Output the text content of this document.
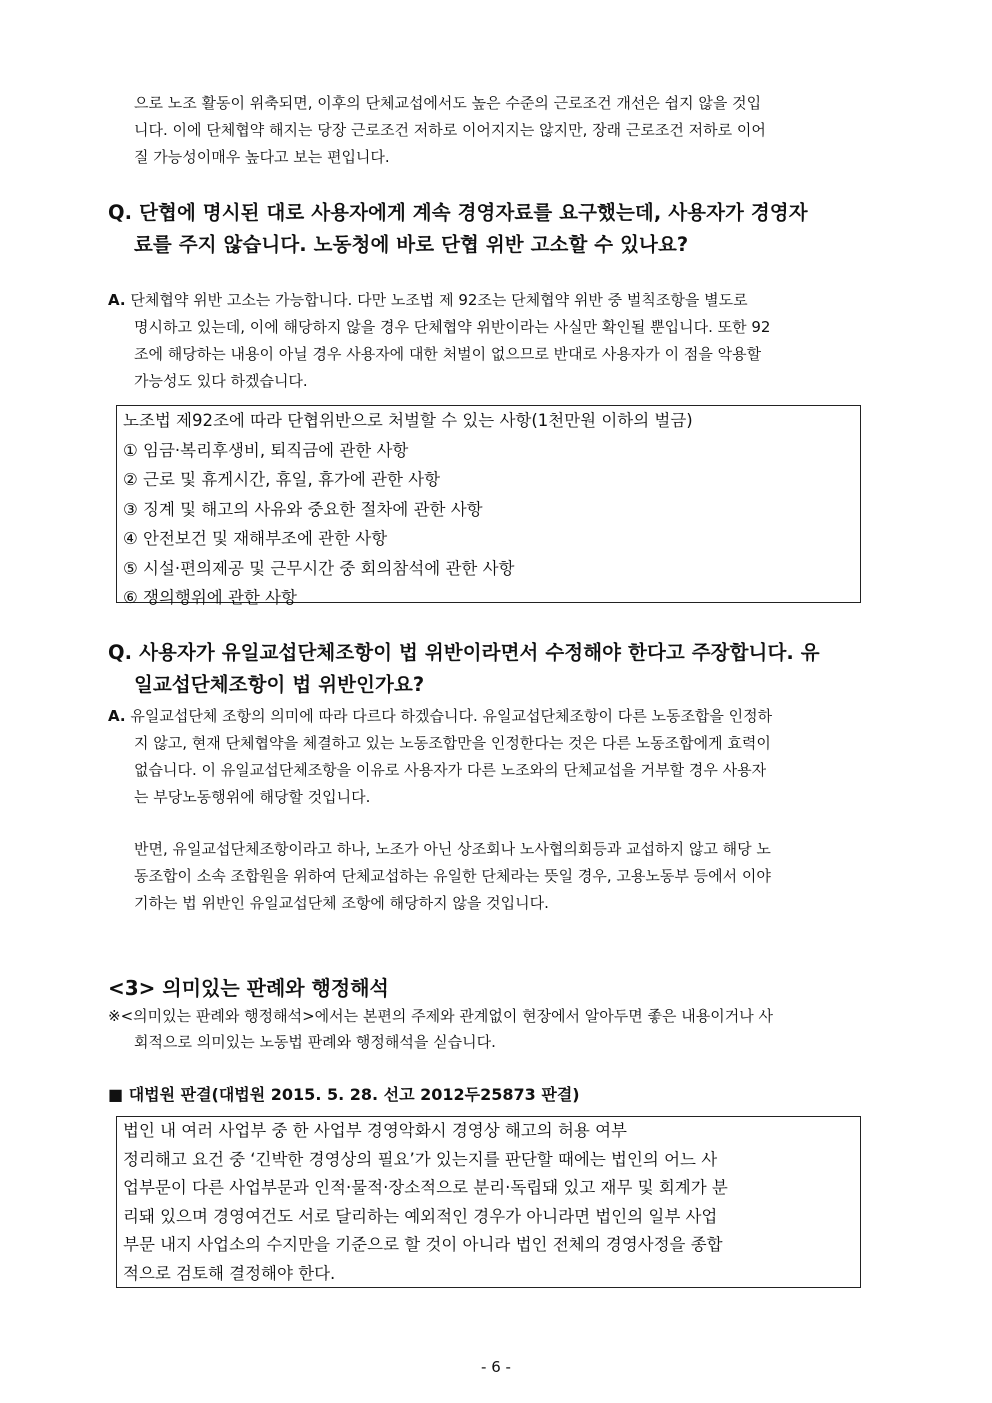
으로 노조 활동이 위축되면, 이후의 단체교섭에서도 높은 수준의 근로조건 개선은 쉽지 않을 것입
니다. 이에 단체협약 해지는 당장 근로조건 저하로 이어지지는 않지만, 장래 근로조건 저하로 이어
질 가능성이매우 높다고 보는 편입니다.
Q. 단협에 명시된 대로 사용자에게 계속 경영자료를 요구했는데, 사용자가 경영자
료를 주지 않습니다. 노동청에 바로 단협 위반 고소할 수 있나요?
A. 단체협약 위반 고소는 가능합니다. 다만 노조법 제 92조는 단체협약 위반 중 벌칙조항을 별도로
명시하고 있는데, 이에 해당하지 않을 경우 단체협약 위반이라는 사실만 확인될 뿐입니다. 또한 92
조에 해당하는 내용이 아닐 경우 사용자에 대한 처벌이 없으므로 반대로 사용자가 이 점을 악용할
가능성도 있다 하겠습니다.
노조법 제92조에 따라 단협위반으로 처벌할 수 있는 사항(1천만원 이하의 벌금)
① 임금‧복리후생비, 퇴직금에 관한 사항
② 근로 및 휴게시간, 휴일, 휴가에 관한 사항
③ 징계 및 해고의 사유와 중요한 절차에 관한 사항
④ 안전보건 및 재해부조에 관한 사항
⑤ 시설‧편의제공 및 근무시간 중 회의참석에 관한 사항
⑥ 쟁의행위에 관한 사항
Q. 사용자가 유일교섭단체조항이 법 위반이라면서 수정해야 한다고 주장합니다. 유
일교섭단체조항이 법 위반인가요?
A. 유일교섭단체 조항의 의미에 따라 다르다 하겠습니다. 유일교섭단체조항이 다른 노동조합을 인정하
지 않고, 현재 단체협약을 체결하고 있는 노동조합만을 인정한다는 것은 다른 노동조합에게 효력이
없습니다. 이 유일교섭단체조항을 이유로 사용자가 다른 노조와의 단체교섭을 거부할 경우 사용자
는 부당노동행위에 해당할 것입니다.
반면, 유일교섭단체조항이라고 하나, 노조가 아닌 상조회나 노사협의회등과 교섭하지 않고 해당 노
동조합이 소속 조합원을 위하여 단체교섭하는 유일한 단체라는 뜻일 경우, 고용노동부 등에서 이야
기하는 법 위반인 유일교섭단체 조항에 해당하지 않을 것입니다.
<3> 의미있는 판례와 행정해석
※<의미있는 판례와 행정해석>에서는 본편의 주제와 관계없이 현장에서 알아두면 좋은 내용이거나 사
회적으로 의미있는 노동법 판례와 행정해석을 싣습니다.
■ 대법원 판결(대법원 2015. 5. 28. 선고 2012두25873 판결)
법인 내 여러 사업부 중 한 사업부 경영악화시 경영상 해고의 허용 여부
정리해고 요건 중 ‘긴박한 경영상의 필요’가 있는지를 판단할 때에는 법인의 어느 사
업부문이 다른 사업부문과 인적‧물적‧장소적으로 분리‧독립돼 있고 재무 및 회계가 분
리돼 있으며 경영여건도 서로 달리하는 예외적인 경우가 아니라면 법인의 일부 사업
부문 내지 사업소의 수지만을 기준으로 할 것이 아니라 법인 전체의 경영사정을 종합
적으로 검토해 결정해야 한다.
- 6 -
